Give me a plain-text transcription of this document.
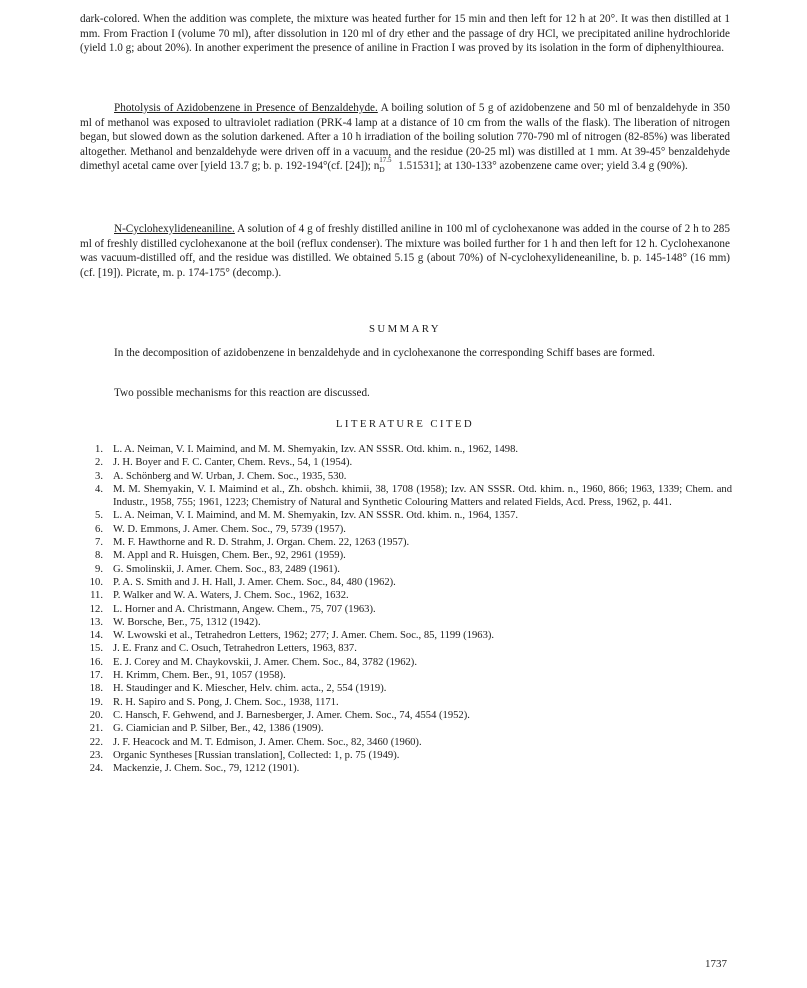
dark-colored. When the addition was complete, the mixture was heated further for 15 min and then left for 12 h at 20°. It was then distilled at 1 mm. From Fraction I (volume 70 ml), after dissolution in 120 ml of dry ether and the passage of dry HCl, we precipitated aniline hydrochloride (yield 1.0 g; about 20%). In another experiment the presence of aniline in Fraction I was proved by its isolation in the form of diphenylthiourea.
Photolysis of Azidobenzene in Presence of Benzaldehyde. A boiling solution of 5 g of azidobenzene and 50 ml of benzaldehyde in 350 ml of methanol was exposed to ultraviolet radiation (PRK-4 lamp at a distance of 10 cm from the walls of the flask). The liberation of nitrogen began, but slowed down as the solution darkened. After a 10 h irradiation of the boiling solution 770-790 ml of nitrogen (82-85%) was liberated altogether. Methanol and benzaldehyde were driven off in a vacuum, and the residue (20-25 ml) was distilled at 1 mm. At 39-45° benzaldehyde dimethyl acetal came over [yield 13.7 g; b. p. 192-194°(cf. [24]); n 17.5
D 1.51531]; at 130-133° azobenzene came over; yield 3.4 g (90%).
N-Cyclohexylideneaniline. A solution of 4 g of freshly distilled aniline in 100 ml of cyclohexanone was added in the course of 2 h to 285 ml of freshly distilled cyclohexanone at the boil (reflux condenser). The mixture was boiled further for 1 h and then left for 12 h. Cyclohexanone was vacuum-distilled off, and the residue was distilled. We obtained 5.15 g (about 70%) of N-cyclohexylideneaniline, b. p. 145-148° (16 mm) (cf. [19]). Picrate, m. p. 174-175° (decomp.).
SUMMARY
In the decomposition of azidobenzene in benzaldehyde and in cyclohexanone the corresponding Schiff bases are formed.
Two possible mechanisms for this reaction are discussed.
LITERATURE CITED
1. L. A. Neiman, V. I. Maimind, and M. M. Shemyakin, Izv. AN SSSR. Otd. khim. n., 1962, 1498.
2. J. H. Boyer and F. C. Canter, Chem. Revs., 54, 1 (1954).
3. A. Schönberg and W. Urban, J. Chem. Soc., 1935, 530.
4. M. M. Shemyakin, V. I. Maimind et al., Zh. obshch. khimii, 38, 1708 (1958); Izv. AN SSSR. Otd. khim. n., 1960, 866; 1963, 1339; Chem. and Industr., 1958, 755; 1961, 1223; Chemistry of Natural and Synthetic Colouring Matters and related Fields, Acd. Press, 1962, p. 441.
5. L. A. Neiman, V. I. Maimind, and M. M. Shemyakin, Izv. AN SSSR. Otd. khim. n., 1964, 1357.
6. W. D. Emmons, J. Amer. Chem. Soc., 79, 5739 (1957).
7. M. F. Hawthorne and R. D. Strahm, J. Organ. Chem. 22, 1263 (1957).
8. M. Appl and R. Huisgen, Chem. Ber., 92, 2961 (1959).
9. G. Smolinskii, J. Amer. Chem. Soc., 83, 2489 (1961).
10. P. A. S. Smith and J. H. Hall, J. Amer. Chem. Soc., 84, 480 (1962).
11. P. Walker and W. A. Waters, J. Chem. Soc., 1962, 1632.
12. L. Horner and A. Christmann, Angew. Chem., 75, 707 (1963).
13. W. Borsche, Ber., 75, 1312 (1942).
14. W. Lwowski et al., Tetrahedron Letters, 1962; 277; J. Amer. Chem. Soc., 85, 1199 (1963).
15. J. E. Franz and C. Osuch, Tetrahedron Letters, 1963, 837.
16. E. J. Corey and M. Chaykovskii, J. Amer. Chem. Soc., 84, 3782 (1962).
17. H. Krimm, Chem. Ber., 91, 1057 (1958).
18. H. Staudinger and K. Miescher, Helv. chim. acta., 2, 554 (1919).
19. R. H. Sapiro and S. Pong, J. Chem. Soc., 1938, 1171.
20. C. Hansch, F. Gehwend, and J. Barnesberger, J. Amer. Chem. Soc., 74, 4554 (1952).
21. G. Ciamician and P. Silber, Ber., 42, 1386 (1909).
22. J. F. Heacock and M. T. Edmison, J. Amer. Chem. Soc., 82, 3460 (1960).
23. Organic Syntheses [Russian translation], Collected: 1, p. 75 (1949).
24. Mackenzie, J. Chem. Soc., 79, 1212 (1901).
1737
